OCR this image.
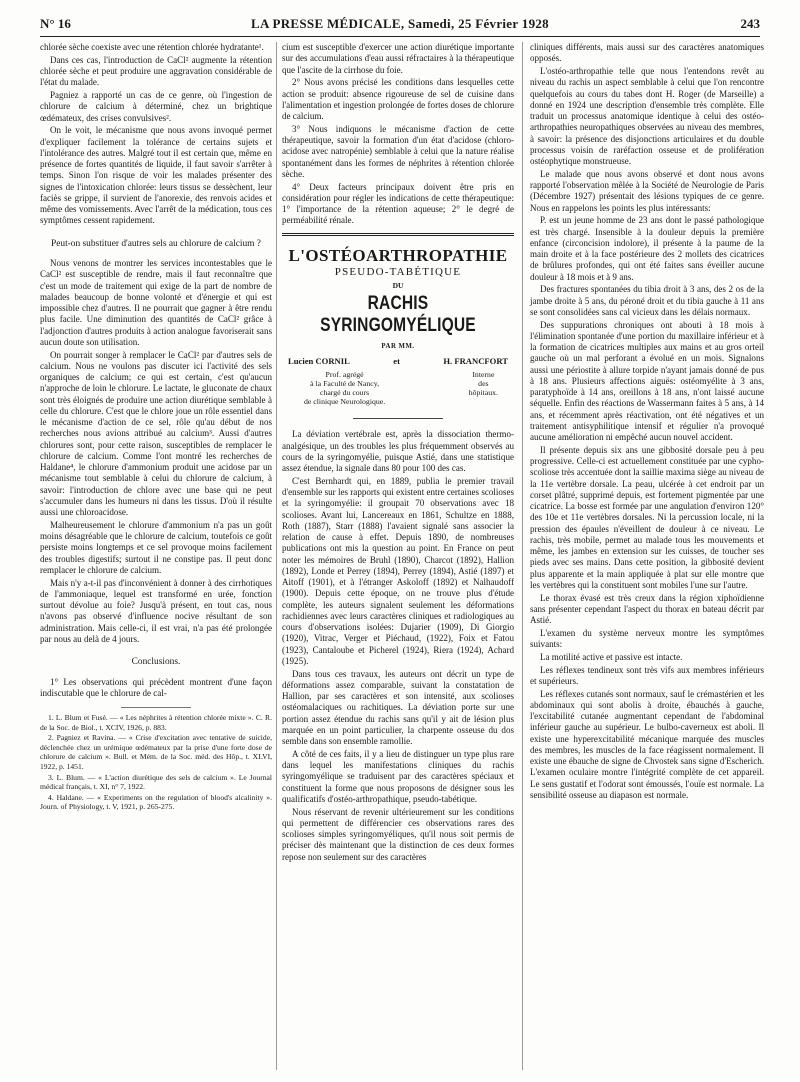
N° 16	LA PRESSE MÉDICALE, Samedi, 25 Février 1928	243

chlorée sèche coexiste avec une rétention chlorée hydratante¹.

Dans ces cas, l'introduction de CaCl² augmente la rétention chlorée sèche et peut produire une aggravation considérable de l'état du malade.

Pagniez a rapporté un cas de ce genre, où l'ingestion de chlorure de calcium à déterminé, chez un brightique œdémateux, des crises convulsives².

On le voit, le mécanisme que nous avons invoqué permet d'expliquer facilement la tolérance de certains sujets et l'intolérance des autres. Malgré tout il est certain que, même en présence de fortes quantités de liquide, il faut savoir s'arrêter à temps. Sinon l'on risque de voir les malades présenter des signes de l'intoxication chlorée: leurs tissus se dessèchent, leur faciès se grippe, il survient de l'anorexie, des renvois acides et même des vomissements. Avec l'arrêt de la médication, tous ces symptômes cessent rapidement.

Peut-on substituer d'autres sels au chlorure de calcium ?

Nous venons de montrer les services incontestables que le CaCl² est susceptible de rendre, mais il faut reconnaître que c'est un mode de traitement qui exige de la part de nombre de malades beaucoup de bonne volonté et d'énergie et qui est impossible chez d'autres. Il ne pourrait que gagner à être rendu plus facile. Une diminution des quantités de CaCl² grâce à l'adjonction d'autres produits à action analogue favoriserait sans aucun doute son utilisation.

On pourrait songer à remplacer le CaCl² par d'autres sels de calcium. Nous ne voulons pas discuter ici l'activité des sels organiques de calcium; ce qui est certain, c'est qu'aucun n'approche de loin le chlorure. Le lactate, le gluconate de chaux sont très éloignés de produire une action diurétique semblable à celle du chlorure. C'est que le chlore joue un rôle essentiel dans le mécanisme d'action de ce sel, rôle qu'au début de nos recherches nous avions attribué au calcium³. Aussi d'autres chlorures sont, pour cette raison, susceptibles de remplacer le chlorure de calcium. Comme l'ont montré les recherches de Haldane⁴, le chlorure d'ammonium produit une acidose par un mécanisme tout semblable à celui du chlorure de calcium, à savoir: l'introduction de chlore avec une base qui ne peut s'accumuler dans les humeurs ni dans les tissus. D'où il résulte aussi une chloroacidose.

Malheureusement le chlorure d'ammonium n'a pas un goût moins désagréable que le chlorure de calcium, toutefois ce goût persiste moins longtemps et ce sel provoque moins facilement des troubles digestifs; surtout il ne constipe pas. Il peut donc remplacer le chlorure de calcium.

Mais n'y a-t-il pas d'inconvénient à donner à des cirrhotiques de l'ammoniaque, lequel est transformé en urée, fonction surtout dévolue au foie? Jusqu'à présent, en tout cas, nous n'avons pas observé d'influence nocive résultant de son administration. Mais celle-ci, il est vrai, n'a pas été prolongée par nous au delà de 4 jours.

Conclusions.

1° Les observations qui précèdent montrent d'une façon indiscutable que le chlorure de cal-

1. L. Blum et Fusé. — « Les néphrites à rétention chlorée mixte ». C. R. de la Soc. de Biol., t. XCIV, 1926, p. 883.

2. Pagniez et Ravina. — « Crise d'excitation avec tentative de suicide, déclenchée chez un urémique œdémateux par la prise d'une forte dose de chlorure de calcium ». Bull. et Mém. de la Soc. méd. des Hôp., t. XLVI, 1922, p. 1451.

3. L. Blum. — « L'action diurétique des sels de calcium ». Le Journal médical français, t. XI, n° 7, 1922.

4. Haldane. — « Experiments on the regulation of blood's alcalinity ». Journ. of Physiology, t. V, 1921, p. 265-275.

cium est susceptible d'exercer une action diurétique importante sur des accumulations d'eau aussi réfractaires à la thérapeutique que l'ascite de la cirrhose du foie.

2° Nous avons précisé les conditions dans lesquelles cette action se produit: absence rigoureuse de sel de cuisine dans l'alimentation et ingestion prolongée de fortes doses de chlorure de calcium.

3° Nous indiquons le mécanisme d'action de cette thérapeutique, savoir la formation d'un état d'acidose (chloro-acidose avec natropénie) semblable à celui que la nature réalise spontanément dans les formes de néphrites à rétention chlorée sèche.

4° Deux facteurs principaux doivent être pris en considération pour régler les indications de cette thérapeutique: 1° l'importance de la rétention aqueuse; 2° le degré de perméabilité rénale.

L'OSTÉOARTHROPATHIE
PSEUDO-TABÉTIQUE
DU
RACHIS SYRINGOMYÉLIQUE
PAR MM.
Lucien CORNIL	et	H. FRANCFORT
Prof. agrégé
à la Faculté de Nancy,
chargé du cours
de clinique Neurologique.
Interne
des
hôpitaux.

La déviation vertébrale est, après la dissociation thermo-analgésique, un des troubles les plus fréquemment observés au cours de la syringomyélie, puisque Astié, dans une statistique assez étendue, la signale dans 80 pour 100 des cas.

C'est Bernhardt qui, en 1889, publia le premier travail d'ensemble sur les rapports qui existent entre certaines scolioses et la syringomyélie: il groupait 70 observations avec 18 scolioses. Avant lui, Lancereaux en 1861, Schultze en 1888, Roth (1887), Starr (1888) l'avaient signalé sans associer la relation de cause à effet. Depuis 1890, de nombreuses publications ont mis la question au point. En France on peut noter les mémoires de Bruhl (1890), Charcot (1892), Hallion (1892), Londe et Perrey (1894), Perrey (1894), Astié (1897) et Aitoff (1901), et à l'étranger Askoloff (1892) et Nalhaudoff (1900). Depuis cette époque, on ne trouve plus d'étude complète, les auteurs signalent seulement les déformations rachidiennes avec leurs caractères cliniques et radiologiques au cours d'observations isolées: Dujarier (1909), Di Giorgio (1920), Vitrac, Verger et Piéchaud, (1922), Foix et Fatou (1923), Cantaloube et Picherel (1924), Riera (1924), Achard (1925).

Dans tous ces travaux, les auteurs ont décrit un type de déformations assez comparable, suivant la constatation de Hallion, par ses caractères et son intensité, aux scolioses ostéomalaciques ou rachitiques. La déviation porte sur une portion assez étendue du rachis sans qu'il y ait de lésion plus marquée en un point particulier, la charpente osseuse du dos semble dans son ensemble ramollie.

A côté de ces faits, il y a lieu de distinguer un type plus rare dans lequel les manifestations cliniques du rachis syringomyélique se traduisent par des caractères spéciaux et constituent la forme que nous proposons de désigner sous les qualificatifs d'ostéo-arthropathique, pseudo-tabétique.

Nous réservant de revenir ultérieurement sur les conditions qui permettent de différencier ces observations rares des scolioses simples syringomyéliques, qu'il nous soit permis de préciser dès maintenant que la distinction de ces deux formes repose non seulement sur des caractères

cliniques différents, mais aussi sur des caractères anatomiques opposés.

L'ostéo-arthropathie telle que nous l'entendons revêt au niveau du rachis un aspect semblable à celui que l'on rencontre quelquefois au cours du tabes dont H. Roger (de Marseille) a donné en 1924 une description d'ensemble très complète. Elle traduit un processus anatomique identique à celui des ostéo-arthropathies neuropathiques observées au niveau des membres, à savoir: la présence des disjonctions articulaires et du double processus voisin de raréfaction osseuse et de prolifération ostéophytique monstrueuse.

Le malade que nous avons observé et dont nous avons rapporté l'observation mêlée à la Société de Neurologie de Paris (Décembre 1927) présentait des lésions typiques de ce genre. Nous en rappelons les points les plus intéressants:

P. est un jeune homme de 23 ans dont le passé pathologique est très chargé. Insensible à la douleur depuis la première enfance (circoncision indolore), il présente à la paume de la main droite et à la face postérieure des 2 mollets des cicatrices de brûlures profondes, qui ont été faites sans éveiller aucune douleur à 18 mois et à 9 ans.

Des fractures spontanées du tibia droit à 3 ans, des 2 os de la jambe droite à 5 ans, du péroné droit et du tibia gauche à 11 ans se sont consolidées sans cal vicieux dans les délais normaux.

Des suppurations chroniques ont abouti à 18 mois à l'élimination spontanée d'une portion du maxillaire inférieur et à la formation de cicatrices multiples aux mains et au gros orteil gauche où un mal perforant a évolué en un mois. Signalons aussi une périostite à allure torpide n'ayant jamais donné de pus à 18 ans. Plusieurs affections aiguës: ostéomyélite à 3 ans, paratyphoïde à 14 ans, oreillons à 18 ans, n'ont laissé aucune séquelle. Enfin des réactions de Wassermann faites à 5 ans, à 14 ans, et récemment après réactivation, ont été négatives et un traitement antisyphilitique intensif et régulier n'a provoqué aucune amélioration ni empêché aucun nouvel accident.

Il présente depuis six ans une gibbosité dorsale peu à peu progressive. Celle-ci est actuellement constituée par une cypho-scoliose très accentuée dont la saillie maxima siège au niveau de la 11e vertèbre dorsale. La peau, ulcérée à cet endroit par un corset plâtré, supprimé depuis, est fortement pigmentée par une cicatrice. La bosse est formée par une angulation d'environ 120° des 10e et 11e vertèbres dorsales. Ni la percussion locale, ni la pression des épaules n'éveillent de douleur à ce niveau. Le rachis, très mobile, permet au malade tous les mouvements et même, les jambes en extension sur les cuisses, de toucher ses pieds avec ses mains. Dans cette position, la gibbosité devient plus apparente et la main appliquée à plat sur elle montre que les vertèbres qui la constituent sont mobiles l'une sur l'autre.

Le thorax évasé est très creux dans la région xiphoïdienne sans présenter cependant l'aspect du thorax en bateau décrit par Astié.

L'examen du système nerveux montre les symptômes suivants:

La motilité active et passive est intacte.

Les réflexes tendineux sont très vifs aux membres inférieurs et supérieurs.

Les réflexes cutanés sont normaux, sauf le crémastérien et les abdominaux qui sont abolis à droite, ébauchés à gauche, l'excitabilité cutanée augmentant cependant de l'abdominal inférieur gauche au supérieur. Le bulbo-caverneux est aboli. Il existe une hyperexcitabilité mécanique marquée des muscles des membres, les muscles de la face réagissent normalement. Il existe une ébauche de signe de Chvostek sans signe d'Escherich. L'examen oculaire montre l'intégrité complète de cet appareil. Le sens gustatif et l'odorat sont émoussés, l'ouïe est normale. La sensibilité osseuse au diapason est normale.
